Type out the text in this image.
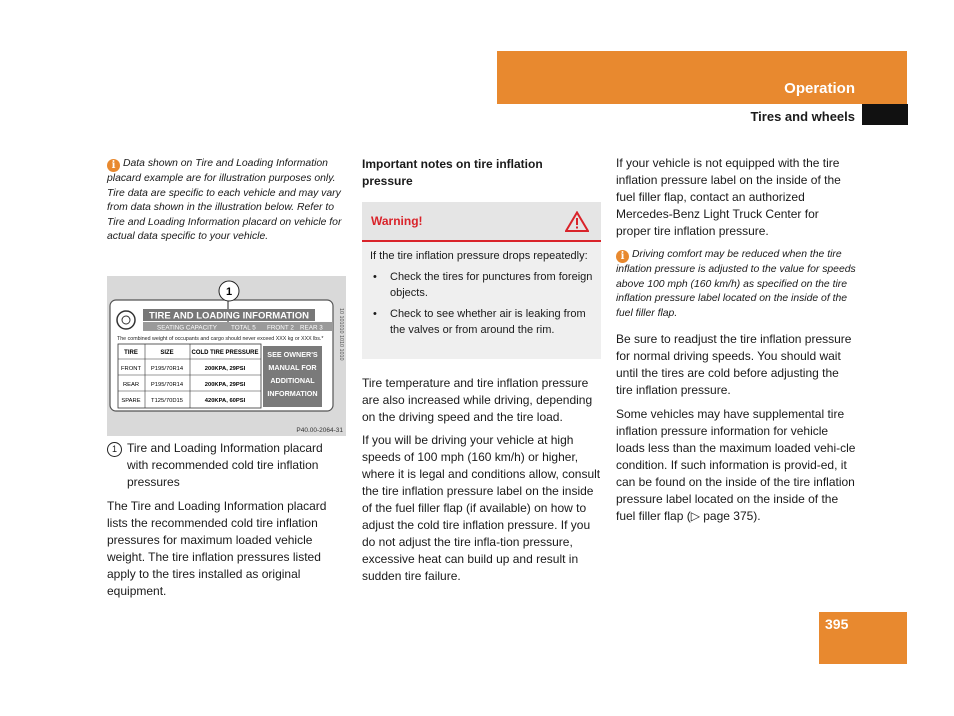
Operation
Tires and wheels
i Data shown on Tire and Loading Information placard example are for illustration purposes only. Tire data are specific to each vehicle and may vary from data shown in the illustration below. Refer to Tire and Loading Information placard on vehicle for actual data specific to your vehicle.
1
TIRE AND LOADING INFORMATION
SEATING CAPACITY TOTAL 5 FRONT 2 REAR 3
The combined weight of occupants and cargo should never exceed XXX kg or XXX lbs.*
TIRE	SIZE	COLD TIRE PRESSURE
FRONT P195/70R14	200KPA, 29PSI
REAR P195/70R14	200KPA, 29PSI
SPARE T125/70D15	420KPA, 60PSI
SEE OWNER'S MANUAL FOR ADDITIONAL INFORMATION
10 101010 1010 1010
P40.00-2064-31
1 Tire and Loading Information placard with recommended cold tire inflation pressures
The Tire and Loading Information placard lists the recommended cold tire inflation pressures for maximum loaded vehicle weight. The tire inflation pressures listed apply to the tires installed as original equipment.
Important notes on tire inflation pressure
Warning!
If the tire inflation pressure drops repeatedly:
• Check the tires for punctures from foreign objects.
• Check to see whether air is leaking from the valves or from around the rim.
Tire temperature and tire inflation pressure are also increased while driving, depending on the driving speed and the tire load.
If you will be driving your vehicle at high speeds of 100 mph (160 km/h) or higher, where it is legal and conditions allow, consult the tire inflation pressure label on the inside of the fuel filler flap (if available) on how to adjust the cold tire inflation pressure. If you do not adjust the tire infla-tion pressure, excessive heat can build up and result in sudden tire failure.
If your vehicle is not equipped with the tire inflation pressure label on the inside of the fuel filler flap, contact an authorized Mercedes-Benz Light Truck Center for proper tire inflation pressure.
i Driving comfort may be reduced when the tire inflation pressure is adjusted to the value for speeds above 100 mph (160 km/h) as specified on the tire inflation pressure label located on the inside of the fuel filler flap.
Be sure to readjust the tire inflation pressure for normal driving speeds. You should wait until the tires are cold before adjusting the tire inflation pressure.
Some vehicles may have supplemental tire inflation pressure information for vehicle loads less than the maximum loaded vehi-cle condition. If such information is provid-ed, it can be found on the inside of the tire inflation pressure label located on the inside of the fuel filler flap (▷ page 375).
395
